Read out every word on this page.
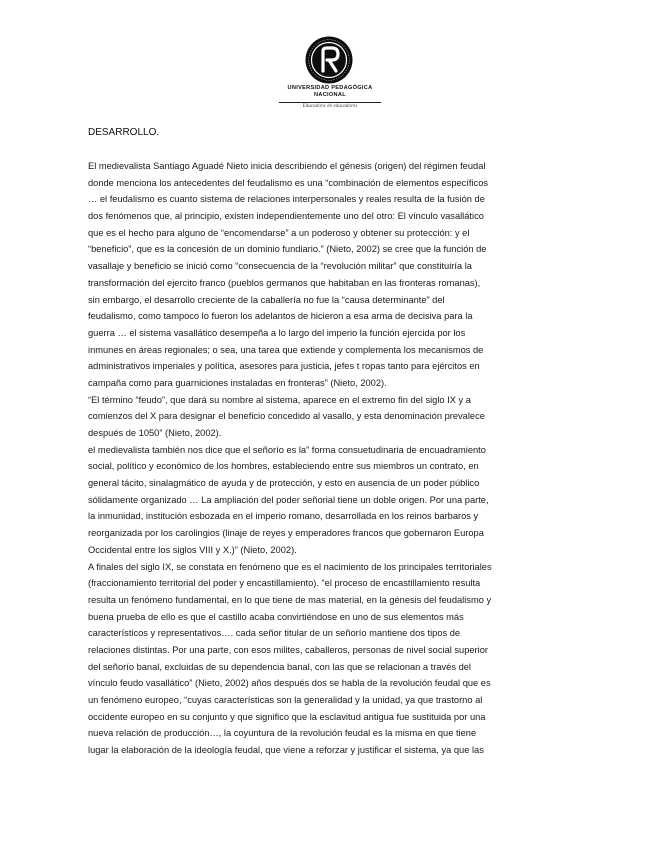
UNIVERSIDAD PEDAGÓGICA
NACIONAL
Educadora de educadores
DESARROLLO.
El medievalista Santiago Aguadé Nieto inicia describiendo el génesis (origen) del régimen feudal
donde menciona los antecedentes del feudalismo es una “combinación de elementos específicos
… el feudalismo es cuanto sistema de relaciones interpersonales y reales resulta de la fusión de
dos fenómenos que, al principio, existen independientemente uno del otro: El vínculo vasallático
que es el hecho para alguno de “encomendarse” a un poderoso y obtener su protección: y el
“beneficio”, que es la concesión de un dominio fundiario.” (Nieto, 2002) se cree que la función de
vasallaje y beneficio se inició como “consecuencia de la “revolución militar” que constituiría la
transformación del ejercito franco (pueblos germanos que habitaban en las fronteras romanas),
sin embargo, el desarrollo creciente de la caballería no fue la “causa determinante” del
feudalismo, como tampoco lo fueron los adelantos de hicieron a esa arma de decisiva para la
guerra … el sistema vasallático desempeña a lo largo del imperio la función ejercida por los
inmunes en áreas regionales; o sea, una tarea que extiende y complementa los mecanismos de
administrativos imperiales y política, asesores para justicia, jefes t ropas tanto para ejércitos en
campaña como para guarniciones instaladas en fronteras” (Nieto, 2002).
“El término “feudo”, que dará su nombre al sistema, aparece en el extremo fin del siglo IX y a
comienzos del X para designar el beneficio concedido al vasallo, y esta denominación prevalece
después de 1050” (Nieto, 2002).
el medievalista también nos dice que el señorío es la” forma consuetudinaria de encuadramiento
social, político y económico de los hombres, estableciendo entre sus miembros un contrato, en
general tácito, sinalagmático de ayuda y de protección, y esto en ausencia de un poder público
sólidamente organizado … La ampliación del poder señorial tiene un doble origen. Por una parte,
la inmunidad, institución esbozada en el imperio romano, desarrollada en los reinos barbaros y
reorganizada por los carolingios (linaje de reyes y emperadores francos que gobernaron Europa
Occidental entre los siglos VIII y X.)” (Nieto, 2002).
A finales del siglo IX, se constata en fenómeno que es el nacimiento de los principales territoriales
(fraccionamiento territorial del poder y encastillamiento). “el proceso de encastillamiento resulta
resulta un fenómeno fundamental, en lo que tiene de mas material, en la génesis del feudalismo y
buena prueba de ello es que el castillo acaba convirtiéndose en uno de sus elementos más
característicos y representativos…. cada señor titular de un señorío mantiene dos tipos de
relaciones distintas. Por una parte, con esos milites, caballeros, personas de nivel social superior
del señorío banal, excluidas de su dependencia banal, con las que se relacionan a través del
vínculo feudo vasallático” (Nieto, 2002) años después dos se habla de la revolución feudal que es
un fenómeno europeo, “cuyas características son la generalidad y la unidad, ya que trastorno al
occidente europeo en su conjunto y que significo que la esclavitud antigua fue sustituida por una
nueva relación de producción…, la coyuntura de la revolución feudal es la misma en que tiene
lugar la elaboración de la ideología feudal, que viene a reforzar y justificar el sistema, ya que las
